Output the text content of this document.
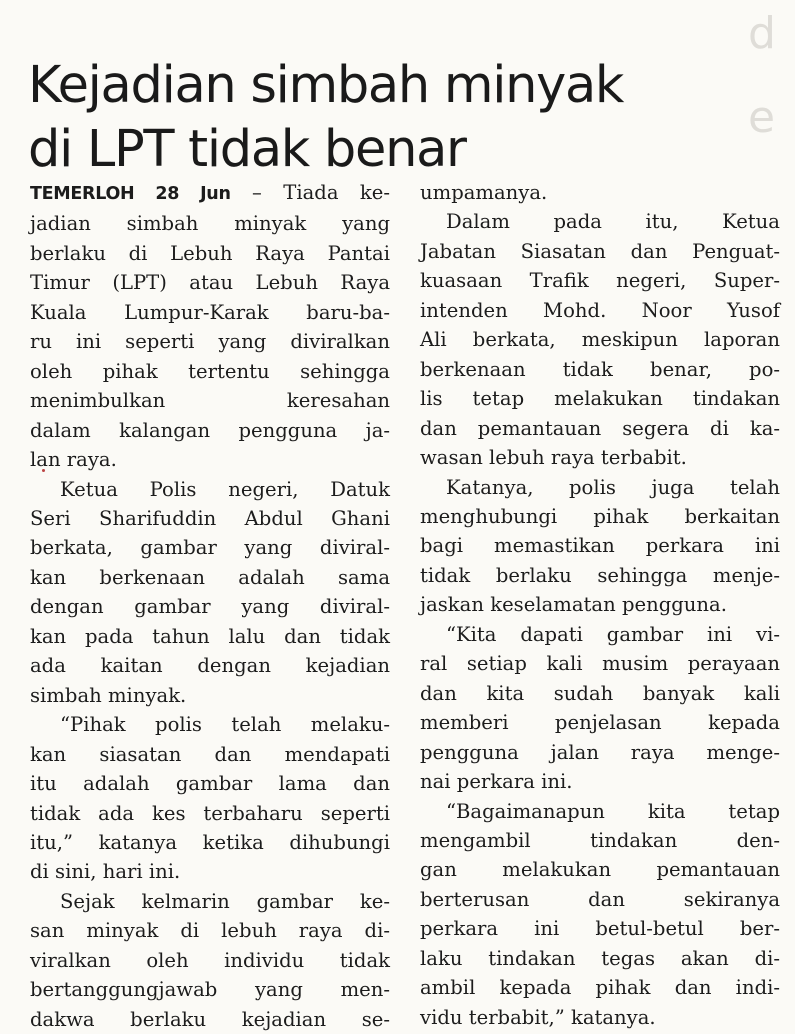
Kejadian simbah minyak
di LPT tidak benar
d
e
TEMERLOH 28 Jun – Tiada ke-
jadian simbah minyak yang
berlaku di Lebuh Raya Pantai
Timur (LPT) atau Lebuh Raya
Kuala Lumpur-Karak baru-ba-
ru ini seperti yang diviralkan
oleh pihak tertentu sehingga
menimbulkan keresahan
dalam kalangan pengguna ja-
lan raya.
Ketua Polis negeri, Datuk
Seri Sharifuddin Abdul Ghani
berkata, gambar yang diviral-
kan berkenaan adalah sama
dengan gambar yang diviral-
kan pada tahun lalu dan tidak
ada kaitan dengan kejadian
simbah minyak.
“Pihak polis telah melaku-
kan siasatan dan mendapati
itu adalah gambar lama dan
tidak ada kes terbaharu seperti
itu,” katanya ketika dihubungi
di sini, hari ini.
Sejak kelmarin gambar ke-
san minyak di lebuh raya di-
viralkan oleh individu tidak
bertanggungjawab yang men-
dakwa berlaku kejadian se-
umpamanya.
Dalam pada itu, Ketua
Jabatan Siasatan dan Penguat-
kuasaan Trafik negeri, Super-
intenden Mohd. Noor Yusof
Ali berkata, meskipun laporan
berkenaan tidak benar, po-
lis tetap melakukan tindakan
dan pemantauan segera di ka-
wasan lebuh raya terbabit.
Katanya, polis juga telah
menghubungi pihak berkaitan
bagi memastikan perkara ini
tidak berlaku sehingga menje-
jaskan keselamatan pengguna.
“Kita dapati gambar ini vi-
ral setiap kali musim perayaan
dan kita sudah banyak kali
memberi penjelasan kepada
pengguna jalan raya menge-
nai perkara ini.
“Bagaimanapun kita tetap
mengambil tindakan den-
gan melakukan pemantauan
berterusan dan sekiranya
perkara ini betul-betul ber-
laku tindakan tegas akan di-
ambil kepada pihak dan indi-
vidu terbabit,” katanya.
